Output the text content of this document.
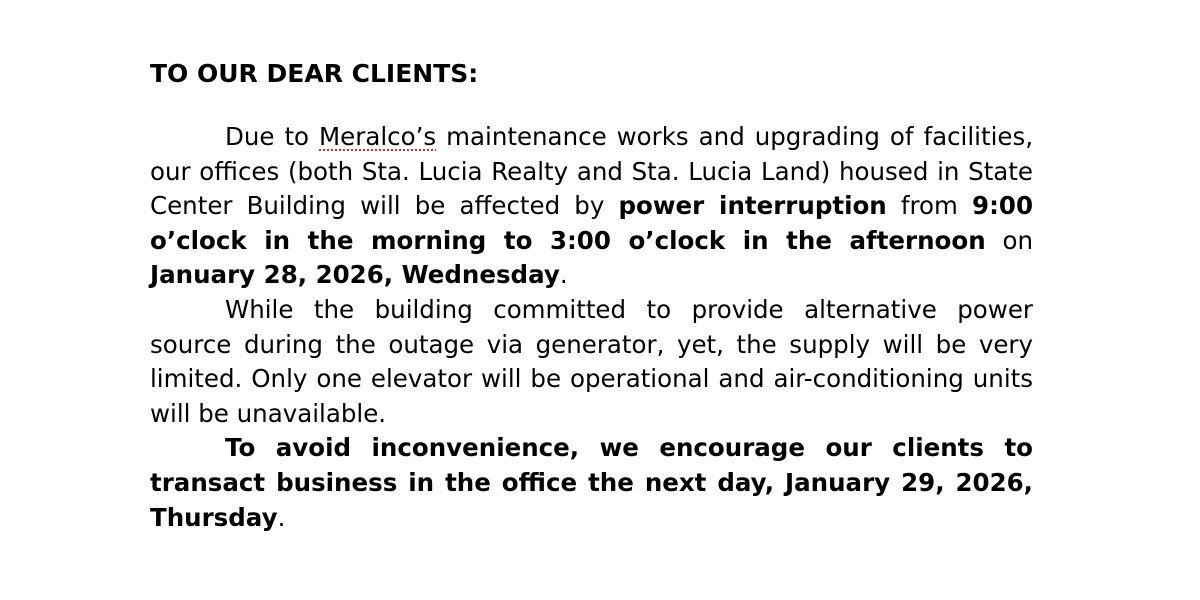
TO OUR DEAR CLIENTS:

Due to Meralco’s maintenance works and upgrading of facilities, our offices (both Sta. Lucia Realty and Sta. Lucia Land) housed in State Center Building will be affected by power interruption from 9:00 o’clock in the morning to 3:00 o’clock in the afternoon on January 28, 2026, Wednesday.

While the building committed to provide alternative power source during the outage via generator, yet, the supply will be very limited. Only one elevator will be operational and air-conditioning units will be unavailable.

To avoid inconvenience, we encourage our clients to transact business in the office the next day, January 29, 2026, Thursday.
